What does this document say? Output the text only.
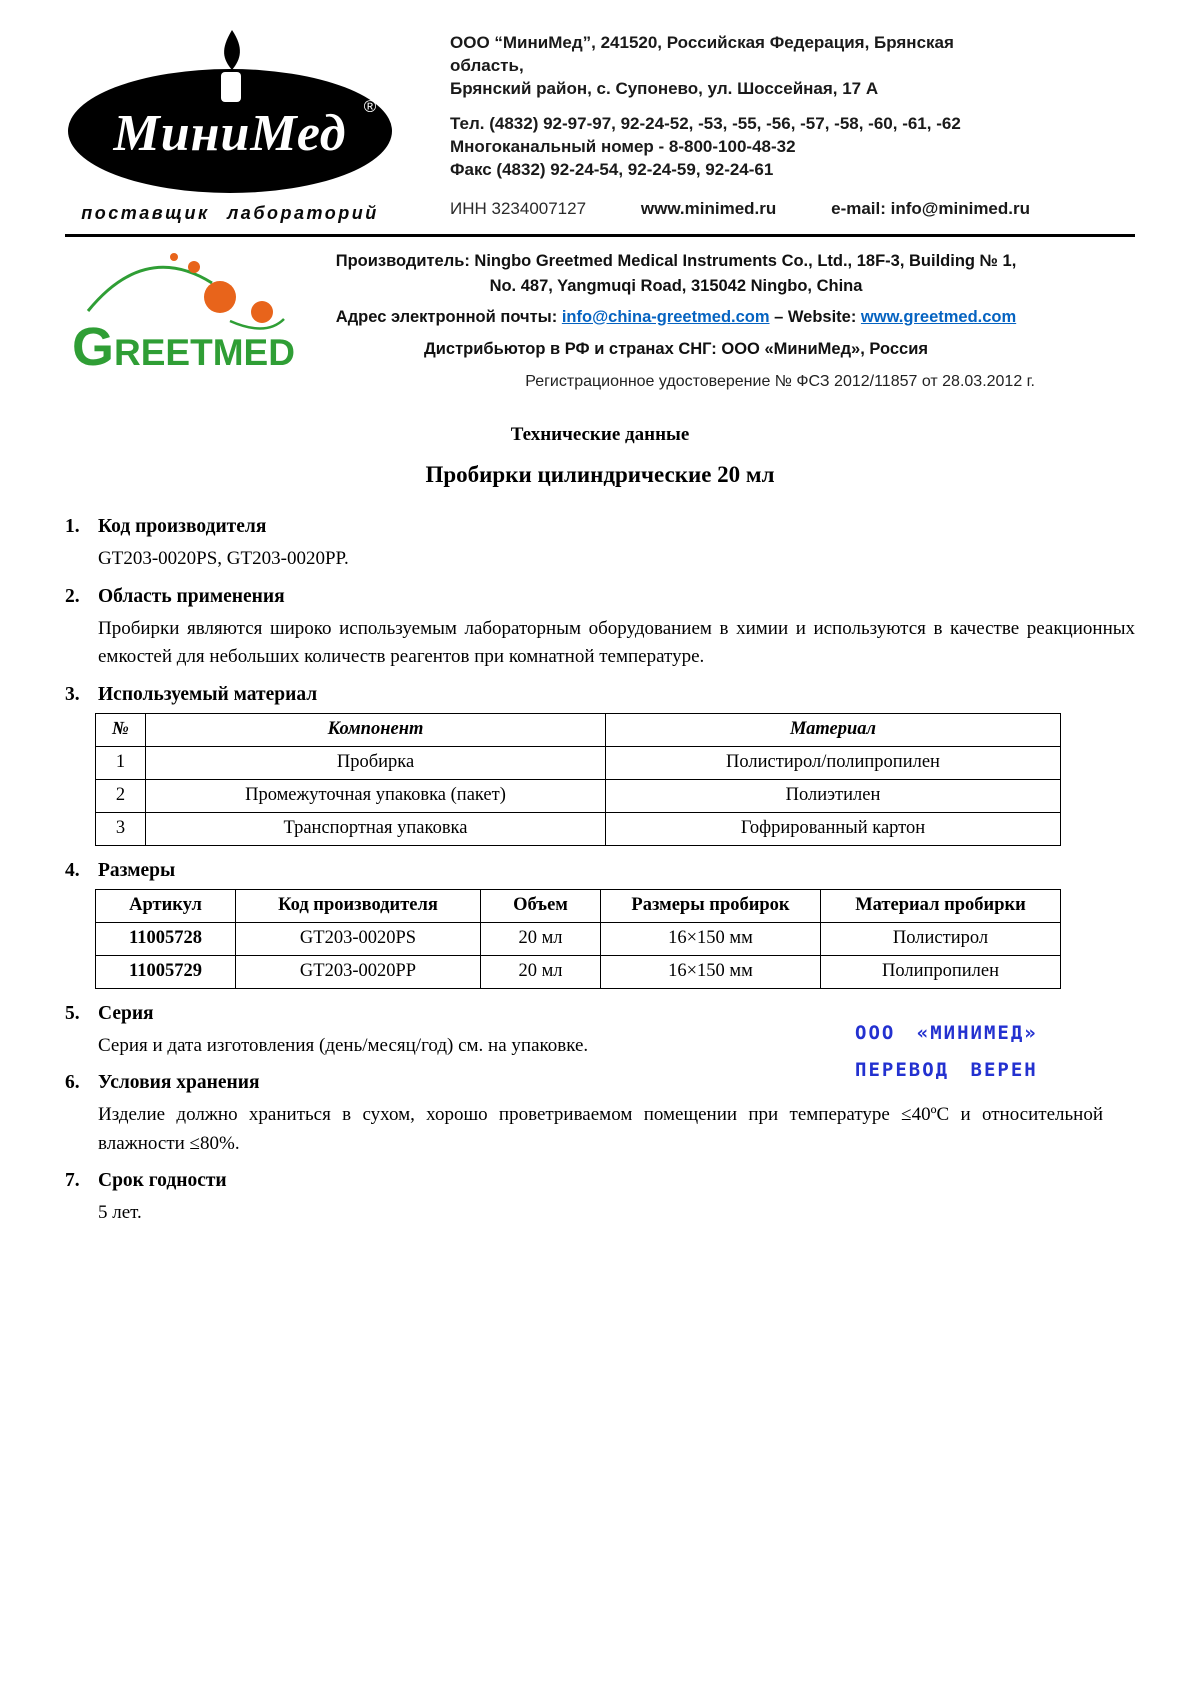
МиниМед ®
поставщик лабораторий
ООО “МиниМед”, 241520, Российская Федерация, Брянская область,
Брянский район, с. Супонево, ул. Шоссейная, 17 А
Тел. (4832) 92-97-97, 92-24-52, -53, -55, -56, -57, -58, -60, -61, -62
Многоканальный номер - 8-800-100-48-32
Факс (4832) 92-24-54, 92-24-59, 92-24-61
ИНН 3234007127	www.minimed.ru	e-mail: info@minimed.ru
GREETMED
Производитель: Ningbo Greetmed Medical Instruments Co., Ltd., 18F-3, Building № 1,
No. 487, Yangmuqi Road, 315042 Ningbo, China
Адрес электронной почты: info@china-greetmed.com – Website: www.greetmed.com
Дистрибьютор в РФ и странах СНГ: ООО «МиниМед», Россия
Регистрационное удостоверение № ФСЗ 2012/11857 от 28.03.2012 г.
Технические данные
Пробирки цилиндрические 20 мл
1. Код производителя

GT203-0020PS, GT203-0020PP.

2. Область применения

Пробирки являются широко используемым лабораторным оборудованием в химии и используются в качестве реакционных емкостей для небольших количеств реагентов при комнатной температуре.

3. Используемый материал
№	Компонент	Материал
1	Пробирка	Полистирол/полипропилен
2	Промежуточная упаковка (пакет)	Полиэтилен
3	Транспортная упаковка	Гофрированный картон
4. Размеры
Артикул	Код производителя	Объем	Размеры пробирок	Материал пробирки
11005728	GT203-0020PS	20 мл	16×150 мм	Полистирол
11005729	GT203-0020PP	20 мл	16×150 мм	Полипропилен
5. Серия

Серия и дата изготовления (день/месяц/год) см. на упаковке.

6. Условия хранения

Изделие должно храниться в сухом, хорошо проветриваемом помещении при температуре ≤40ºС и относительной влажности ≤80%.

7. Срок годности

5 лет.

ООО «МИНИМЕД»
ПЕРЕВОД ВЕРЕН
